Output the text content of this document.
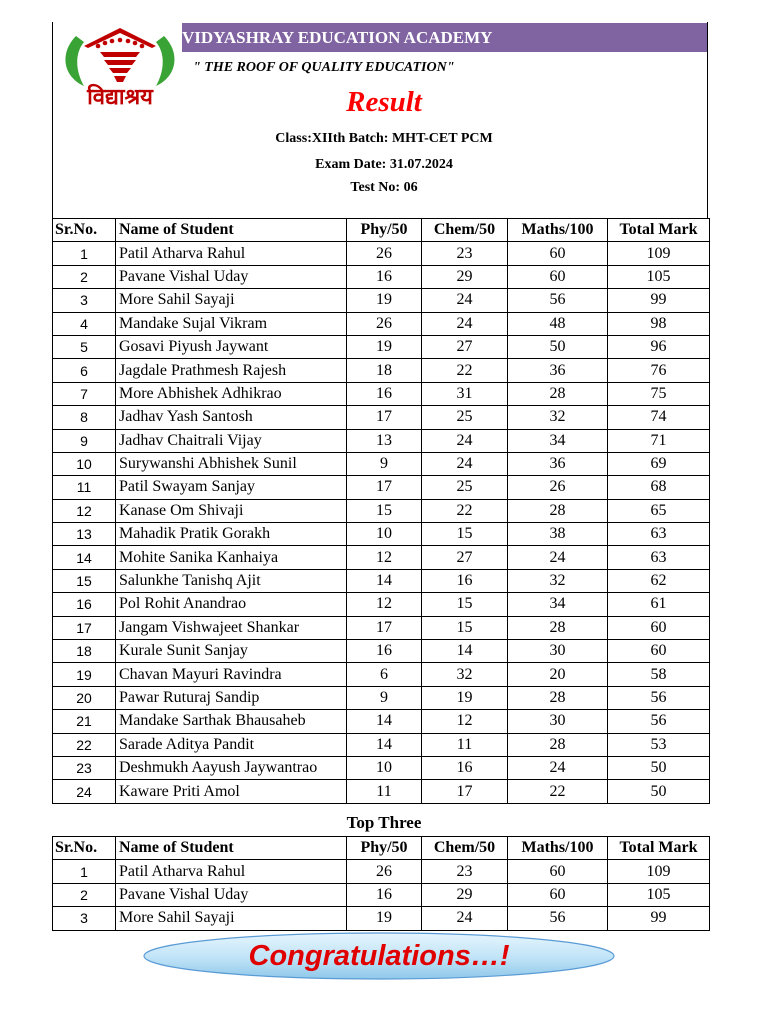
विद्याश्रय
VIDYASHRAY EDUCATION ACADEMY
" THE ROOF OF QUALITY EDUCATION"
Result
Class:XIIth Batch: MHT-CET PCM
Exam Date: 31.07.2024
Test No: 06
Sr.No.	Name of Student	Phy/50	Chem/50	Maths/100	Total Mark
1	Patil Atharva Rahul	26	23	60	109
2	Pavane Vishal Uday	16	29	60	105
3	More Sahil Sayaji	19	24	56	99
4	Mandake Sujal Vikram	26	24	48	98
5	Gosavi Piyush Jaywant	19	27	50	96
6	Jagdale Prathmesh Rajesh	18	22	36	76
7	More Abhishek Adhikrao	16	31	28	75
8	Jadhav Yash Santosh	17	25	32	74
9	Jadhav Chaitrali Vijay	13	24	34	71
10	Surywanshi Abhishek Sunil	9	24	36	69
11	Patil Swayam Sanjay	17	25	26	68
12	Kanase Om Shivaji	15	22	28	65
13	Mahadik Pratik Gorakh	10	15	38	63
14	Mohite Sanika Kanhaiya	12	27	24	63
15	Salunkhe Tanishq Ajit	14	16	32	62
16	Pol Rohit Anandrao	12	15	34	61
17	Jangam Vishwajeet Shankar	17	15	28	60
18	Kurale Sunit Sanjay	16	14	30	60
19	Chavan Mayuri Ravindra	6	32	20	58
20	Pawar Ruturaj Sandip	9	19	28	56
21	Mandake Sarthak Bhausaheb	14	12	30	56
22	Sarade Aditya Pandit	14	11	28	53
23	Deshmukh Aayush Jaywantrao	10	16	24	50
24	Kaware Priti Amol	11	17	22	50
Top Three
Sr.No.	Name of Student	Phy/50	Chem/50	Maths/100	Total Mark
1	Patil Atharva Rahul	26	23	60	109
2	Pavane Vishal Uday	16	29	60	105
3	More Sahil Sayaji	19	24	56	99
Congratulations…!
